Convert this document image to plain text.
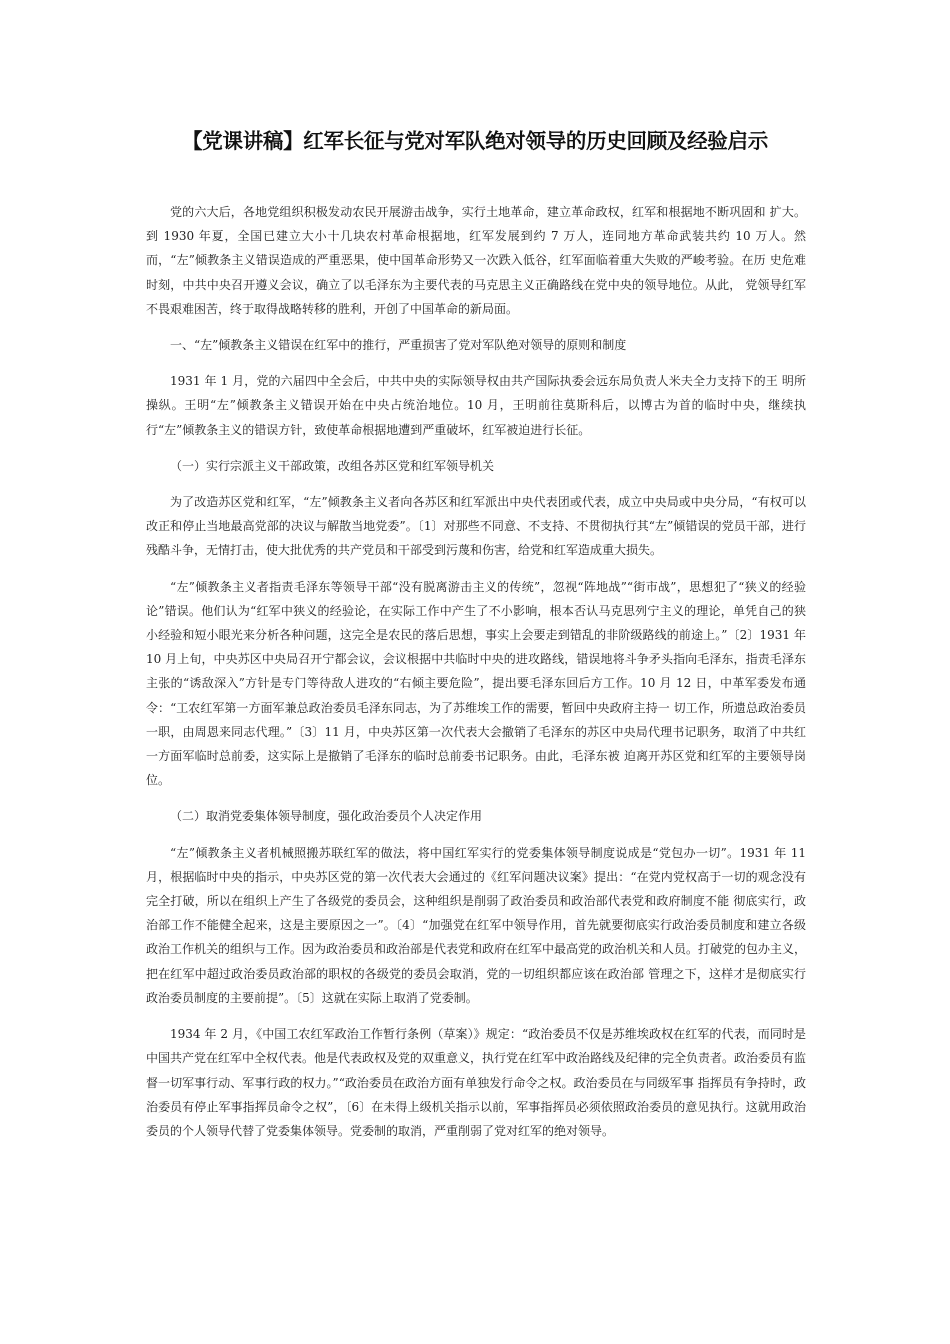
【党课讲稿】红军长征与党对军队绝对领导的历史回顾及经验启示

党的六大后，各地党组织积极发动农民开展游击战争，实行土地革命，建立革命政权，红军和根据地不断巩固和 扩大。到 1930 年夏，全国已建立大小十几块农村革命根据地，红军发展到约 7 万人，连同地方革命武装共约 10 万人。然而，“左”倾教条主义错误造成的严重恶果，使中国革命形势又一次跌入低谷，红军面临着重大失败的严峻考验。在历 史危难时刻，中共中央召开遵义会议，确立了以毛泽东为主要代表的马克思主义正确路线在党中央的领导地位。从此， 党领导红军不畏艰难困苦，终于取得战略转移的胜利，开创了中国革命的新局面。

一、“左”倾教条主义错误在红军中的推行，严重损害了党对军队绝对领导的原则和制度

1931 年 1 月，党的六届四中全会后，中共中央的实际领导权由共产国际执委会远东局负责人米夫全力支持下的王 明所操纵。王明“左”倾教条主义错误开始在中央占统治地位。10 月，王明前往莫斯科后，以博古为首的临时中央，继续执行“左”倾教条主义的错误方针，致使革命根据地遭到严重破坏，红军被迫进行长征。

（一）实行宗派主义干部政策，改组各苏区党和红军领导机关

为了改造苏区党和红军，“左”倾教条主义者向各苏区和红军派出中央代表团或代表，成立中央局或中央分局，“有权可以改正和停止当地最高党部的决议与解散当地党委”。〔1〕对那些不同意、不支持、不贯彻执行其“左”倾错误的党员干部，进行残酷斗争，无情打击，使大批优秀的共产党员和干部受到污蔑和伤害，给党和红军造成重大损失。

“左”倾教条主义者指责毛泽东等领导干部“没有脱离游击主义的传统”，忽视“阵地战”“街市战”，思想犯了“狭义的经验论”错误。他们认为“红军中狭义的经验论，在实际工作中产生了不小影响，根本否认马克思列宁主义的理论，单凭自己的狭小经验和短小眼光来分析各种问题，这完全是农民的落后思想，事实上会要走到错乱的非阶级路线的前途上。”〔2〕1931 年 10 月上旬，中央苏区中央局召开宁都会议，会议根据中共临时中央的进攻路线，错误地将斗争矛头指向毛泽东，指责毛泽东主张的“诱敌深入”方针是专门等待敌人进攻的“右倾主要危险”，提出要毛泽东回后方工作。10 月 12 日，中革军委发布通令：“工农红军第一方面军兼总政治委员毛泽东同志，为了苏维埃工作的需要，暂回中央政府主持一 切工作，所遗总政治委员一职，由周恩来同志代理。”〔3〕11 月，中央苏区第一次代表大会撤销了毛泽东的苏区中央局代理书记职务，取消了中共红一方面军临时总前委，这实际上是撤销了毛泽东的临时总前委书记职务。由此，毛泽东被 迫离开苏区党和红军的主要领导岗位。

（二）取消党委集体领导制度，强化政治委员个人决定作用

“左”倾教条主义者机械照搬苏联红军的做法，将中国红军实行的党委集体领导制度说成是“党包办一切”。1931 年 11 月，根据临时中央的指示，中央苏区党的第一次代表大会通过的《红军问题决议案》提出：“在党内党权高于一切的观念没有完全打破，所以在组织上产生了各级党的委员会，这种组织是削弱了政治委员和政治部代表党和政府制度不能 彻底实行，政治部工作不能健全起来，这是主要原因之一”。〔4〕“加强党在红军中领导作用，首先就要彻底实行政治委员制度和建立各级政治工作机关的组织与工作。因为政治委员和政治部是代表党和政府在红军中最高党的政治机关和人员。打破党的包办主义，把在红军中超过政治委员政治部的职权的各级党的委员会取消，党的一切组织都应该在政治部 管理之下，这样才是彻底实行政治委员制度的主要前提”。〔5〕这就在实际上取消了党委制。

1934 年 2 月，《中国工农红军政治工作暂行条例（草案）》规定：“政治委员不仅是苏维埃政权在红军的代表，而同时是中国共产党在红军中全权代表。他是代表政权及党的双重意义，执行党在红军中政治路线及纪律的完全负责者。政治委员有监督一切军事行动、军事行政的权力。”“政治委员在政治方面有单独发行命令之权。政治委员在与同级军事 指挥员有争持时，政治委员有停止军事指挥员命令之权”，〔6〕在未得上级机关指示以前，军事指挥员必须依照政治委员的意见执行。这就用政治委员的个人领导代替了党委集体领导。党委制的取消，严重削弱了党对红军的绝对领导。
